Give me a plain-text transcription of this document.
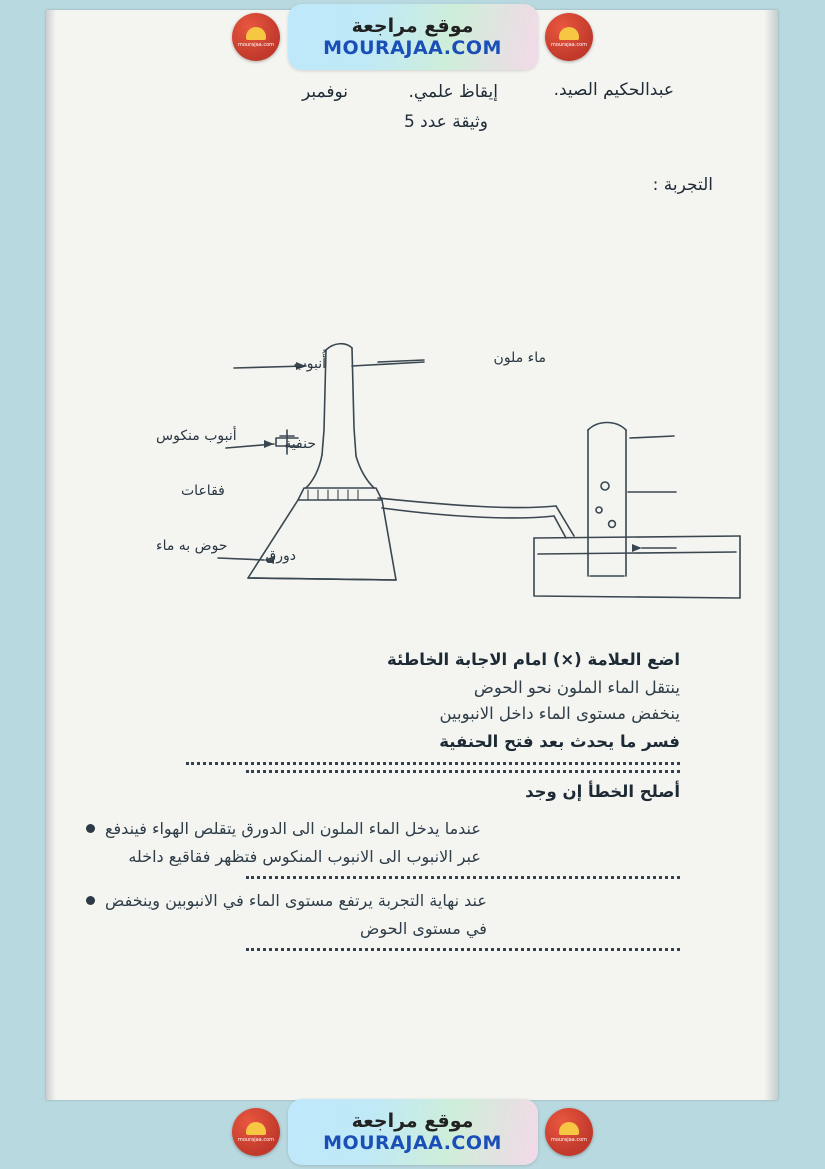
عبدالحكيم الصيد.
إيقاظ علمي.
نوفمبر
وثيقة عدد 5
التجربة :
أُنبوب	ماء ملون
حنفية
دورق
أنبوب منكوس
فقاعات
حوض به ماء
اضع العلامة (×) امام الاجابة الخاطئة
ينتقل الماء الملون نحو الحوض
ينخفض مستوى الماء داخل الانبوبين
فسر ما يحدث بعد فتح الحنفية
أصلح الخطأ إن وجد
عندما يدخل الماء الملون الى الدورق يتقلص الهواء فيندفع
عبر الانبوب الى الانبوب المنكوس فتظهر فقاقيع داخله
عند نهاية التجربة يرتفع مستوى الماء في الانبوبين وينخفض
في مستوى الحوض
mourajaa.com
موقع مراجعة
MOURAJAA.COM	mourajaa.com
mourajaa.com
موقع مراجعة
MOURAJAA.COM	mourajaa.com
